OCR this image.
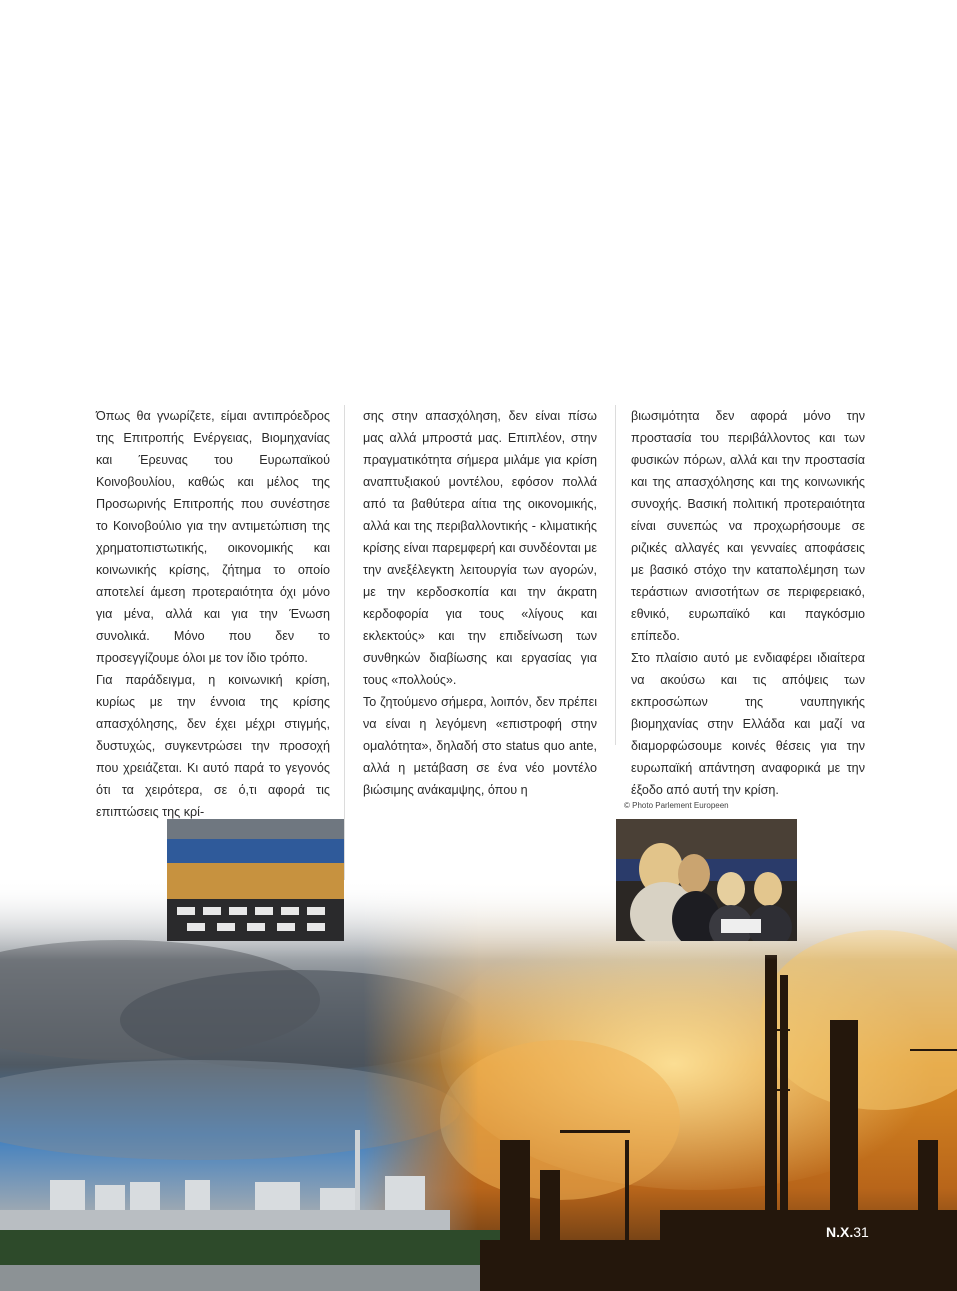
Όπως θα γνωρίζετε, είμαι αντιπρόεδρος της Επιτροπής Ενέργειας, Βιομηχανίας και Έρευνας του Ευρωπαϊκού Κοινοβουλίου, καθώς και μέλος της Προσωρινής Επιτροπής που συνέστησε το Κοινοβούλιο για την αντιμετώπιση της χρηματοπιστωτικής, οικονομικής και κοινωνικής κρίσης, ζήτημα το οποίο αποτελεί άμεση προτεραιότητα όχι μόνο για μένα, αλλά και για την Ένωση συνολικά. Μόνο που δεν το προσεγγίζουμε όλοι με τον ίδιο τρόπο.

Για παράδειγμα, η κοινωνική κρίση, κυρίως με την έννοια της κρίσης απασχόλησης, δεν έχει μέχρι στιγμής, δυστυχώς, συγκεντρώσει την προσοχή που χρειάζεται. Κι αυτό παρά το γεγονός ότι τα χειρότερα, σε ό,τι αφορά τις επιπτώσεις της κρί-

σης στην απασχόληση, δεν είναι πίσω μας αλλά μπροστά μας. Επιπλέον, στην πραγματικότητα σήμερα μιλάμε για κρίση αναπτυξιακού μοντέλου, εφόσον πολλά από τα βαθύτερα αίτια της οικονομικής, αλλά και της περιβαλλοντικής - κλιματικής κρίσης είναι παρεμφερή και συνδέονται με την ανεξέλεγκτη λειτουργία των αγορών, με την κερδοσκοπία και την άκρατη κερδοφορία για τους «λίγους και εκλεκτούς» και την επιδείνωση των συνθηκών διαβίωσης και εργασίας για τους «πολλούς».

Το ζητούμενο σήμερα, λοιπόν, δεν πρέπει να είναι η λεγόμενη «επιστροφή στην ομαλότητα», δηλαδή στο status quo ante, αλλά η μετάβαση σε ένα νέο μοντέλο βιώσιμης ανάκαμψης, όπου η

βιωσιμότητα δεν αφορά μόνο την προστασία του περιβάλλοντος και των φυσικών πόρων, αλλά και την προστασία και της απασχόλησης και της κοινωνικής συνοχής. Βασική πολιτική προτεραιότητα είναι συνεπώς να προχωρήσουμε σε ριζικές αλλαγές και γενναίες αποφάσεις με βασικό στόχο την καταπολέμηση των τεράστιων ανισοτήτων σε περιφερειακό, εθνικό, ευρωπαϊκό και παγκόσμιο επίπεδο.

Στο πλαίσιο αυτό με ενδιαφέρει ιδιαίτερα να ακούσω και τις απόψεις των εκπροσώπων της ναυπηγικής βιομηχανίας στην Ελλάδα και μαζί να διαμορφώσουμε κοινές θέσεις για την ευρωπαϊκή απάντηση αναφορικά με την έξοδο από αυτή την κρίση.

© Photo Parlement Europeen
Ν.Χ.31
